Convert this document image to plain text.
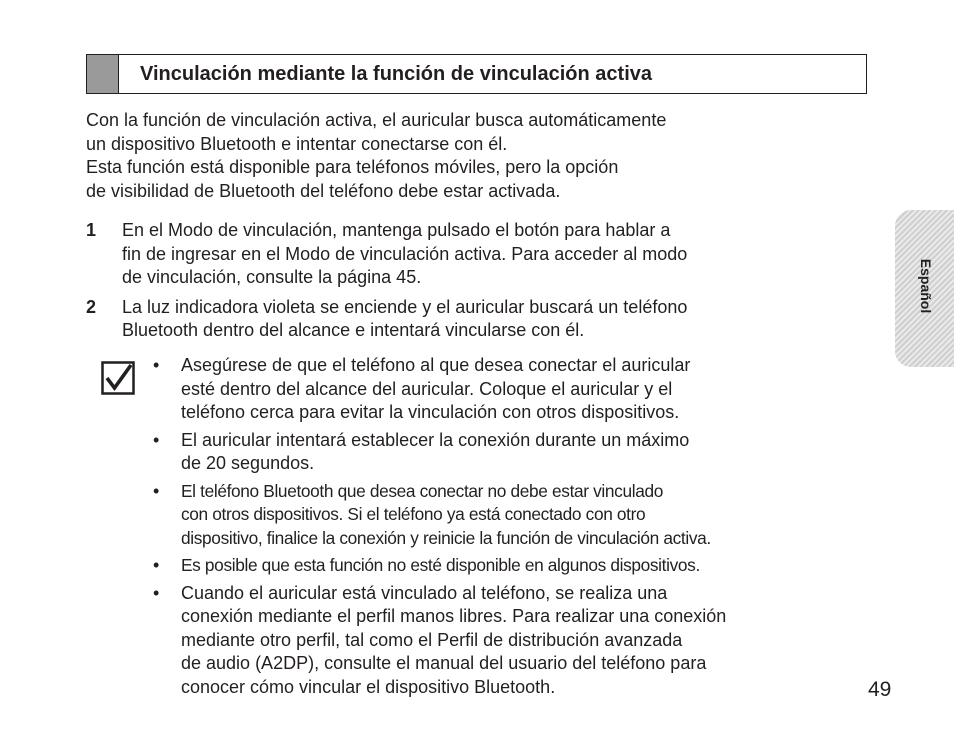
Vinculación mediante la función de vinculación activa

Con la función de vinculación activa, el auricular busca automáticamente

un dispositivo Bluetooth e intentar conectarse con él.

Esta función está disponible para teléfonos móviles, pero la opción

de visibilidad de Bluetooth del teléfono debe estar activada.

1	En el Modo de vinculación, mantenga pulsado el botón para hablar a
fin de ingresar en el Modo de vinculación activa. Para acceder al modo
de vinculación, consulte la página 45.
2	La luz indicadora violeta se enciende y el auricular buscará un teléfono
Bluetooth dentro del alcance e intentará vincularse con él.
•	Asegúrese de que el teléfono al que desea conectar el auricular
esté dentro del alcance del auricular. Coloque el auricular y el
teléfono cerca para evitar la vinculación con otros dispositivos.
•	El auricular intentará establecer la conexión durante un máximo
de 20 segundos.
•	El teléfono Bluetooth que desea conectar no debe estar vinculado
con otros dispositivos. Si el teléfono ya está conectado con otro
dispositivo, finalice la conexión y reinicie la función de vinculación activa.
•	Es posible que esta función no esté disponible en algunos dispositivos.
•	Cuando el auricular está vinculado al teléfono, se realiza una
conexión mediante el perfil manos libres. Para realizar una conexión
mediante otro perfil, tal como el Perfil de distribución avanzada
de audio (A2DP), consulte el manual del usuario del teléfono para
conocer cómo vincular el dispositivo Bluetooth.
Español
49
